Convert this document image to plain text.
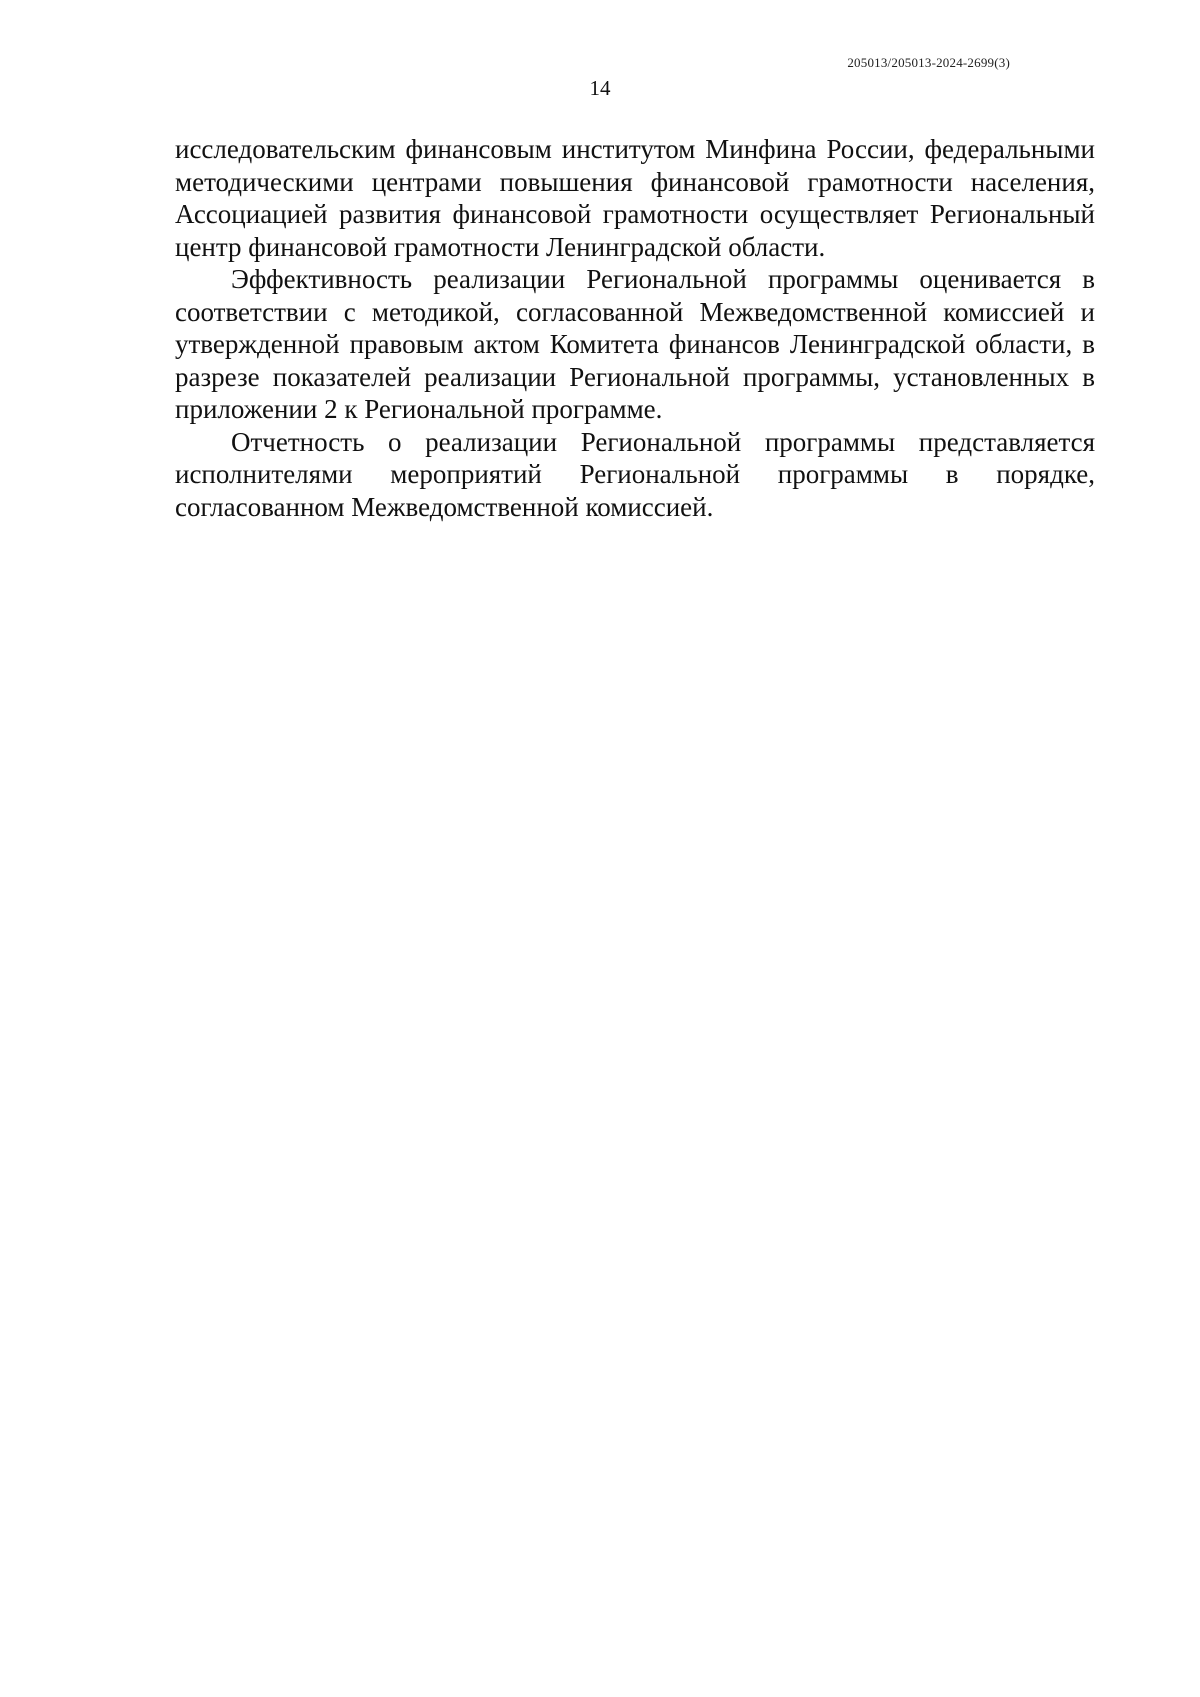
205013/205013-2024-2699(3)
14

исследовательским финансовым институтом Минфина России, федеральными методическими центрами повышения финансовой грамотности населения, Ассоциацией развития финансовой грамотности осуществляет Региональный центр финансовой грамотности Ленинградской области.

Эффективность реализации Региональной программы оценивается в соответствии с методикой, согласованной Межведомственной комиссией и утвержденной правовым актом Комитета финансов Ленинградской области, в разрезе показателей реализации Региональной программы, установленных в приложении 2 к Региональной программе.

Отчетность о реализации Региональной программы представляется исполнителями мероприятий Региональной программы в порядке, согласованном Межведомственной комиссией.
